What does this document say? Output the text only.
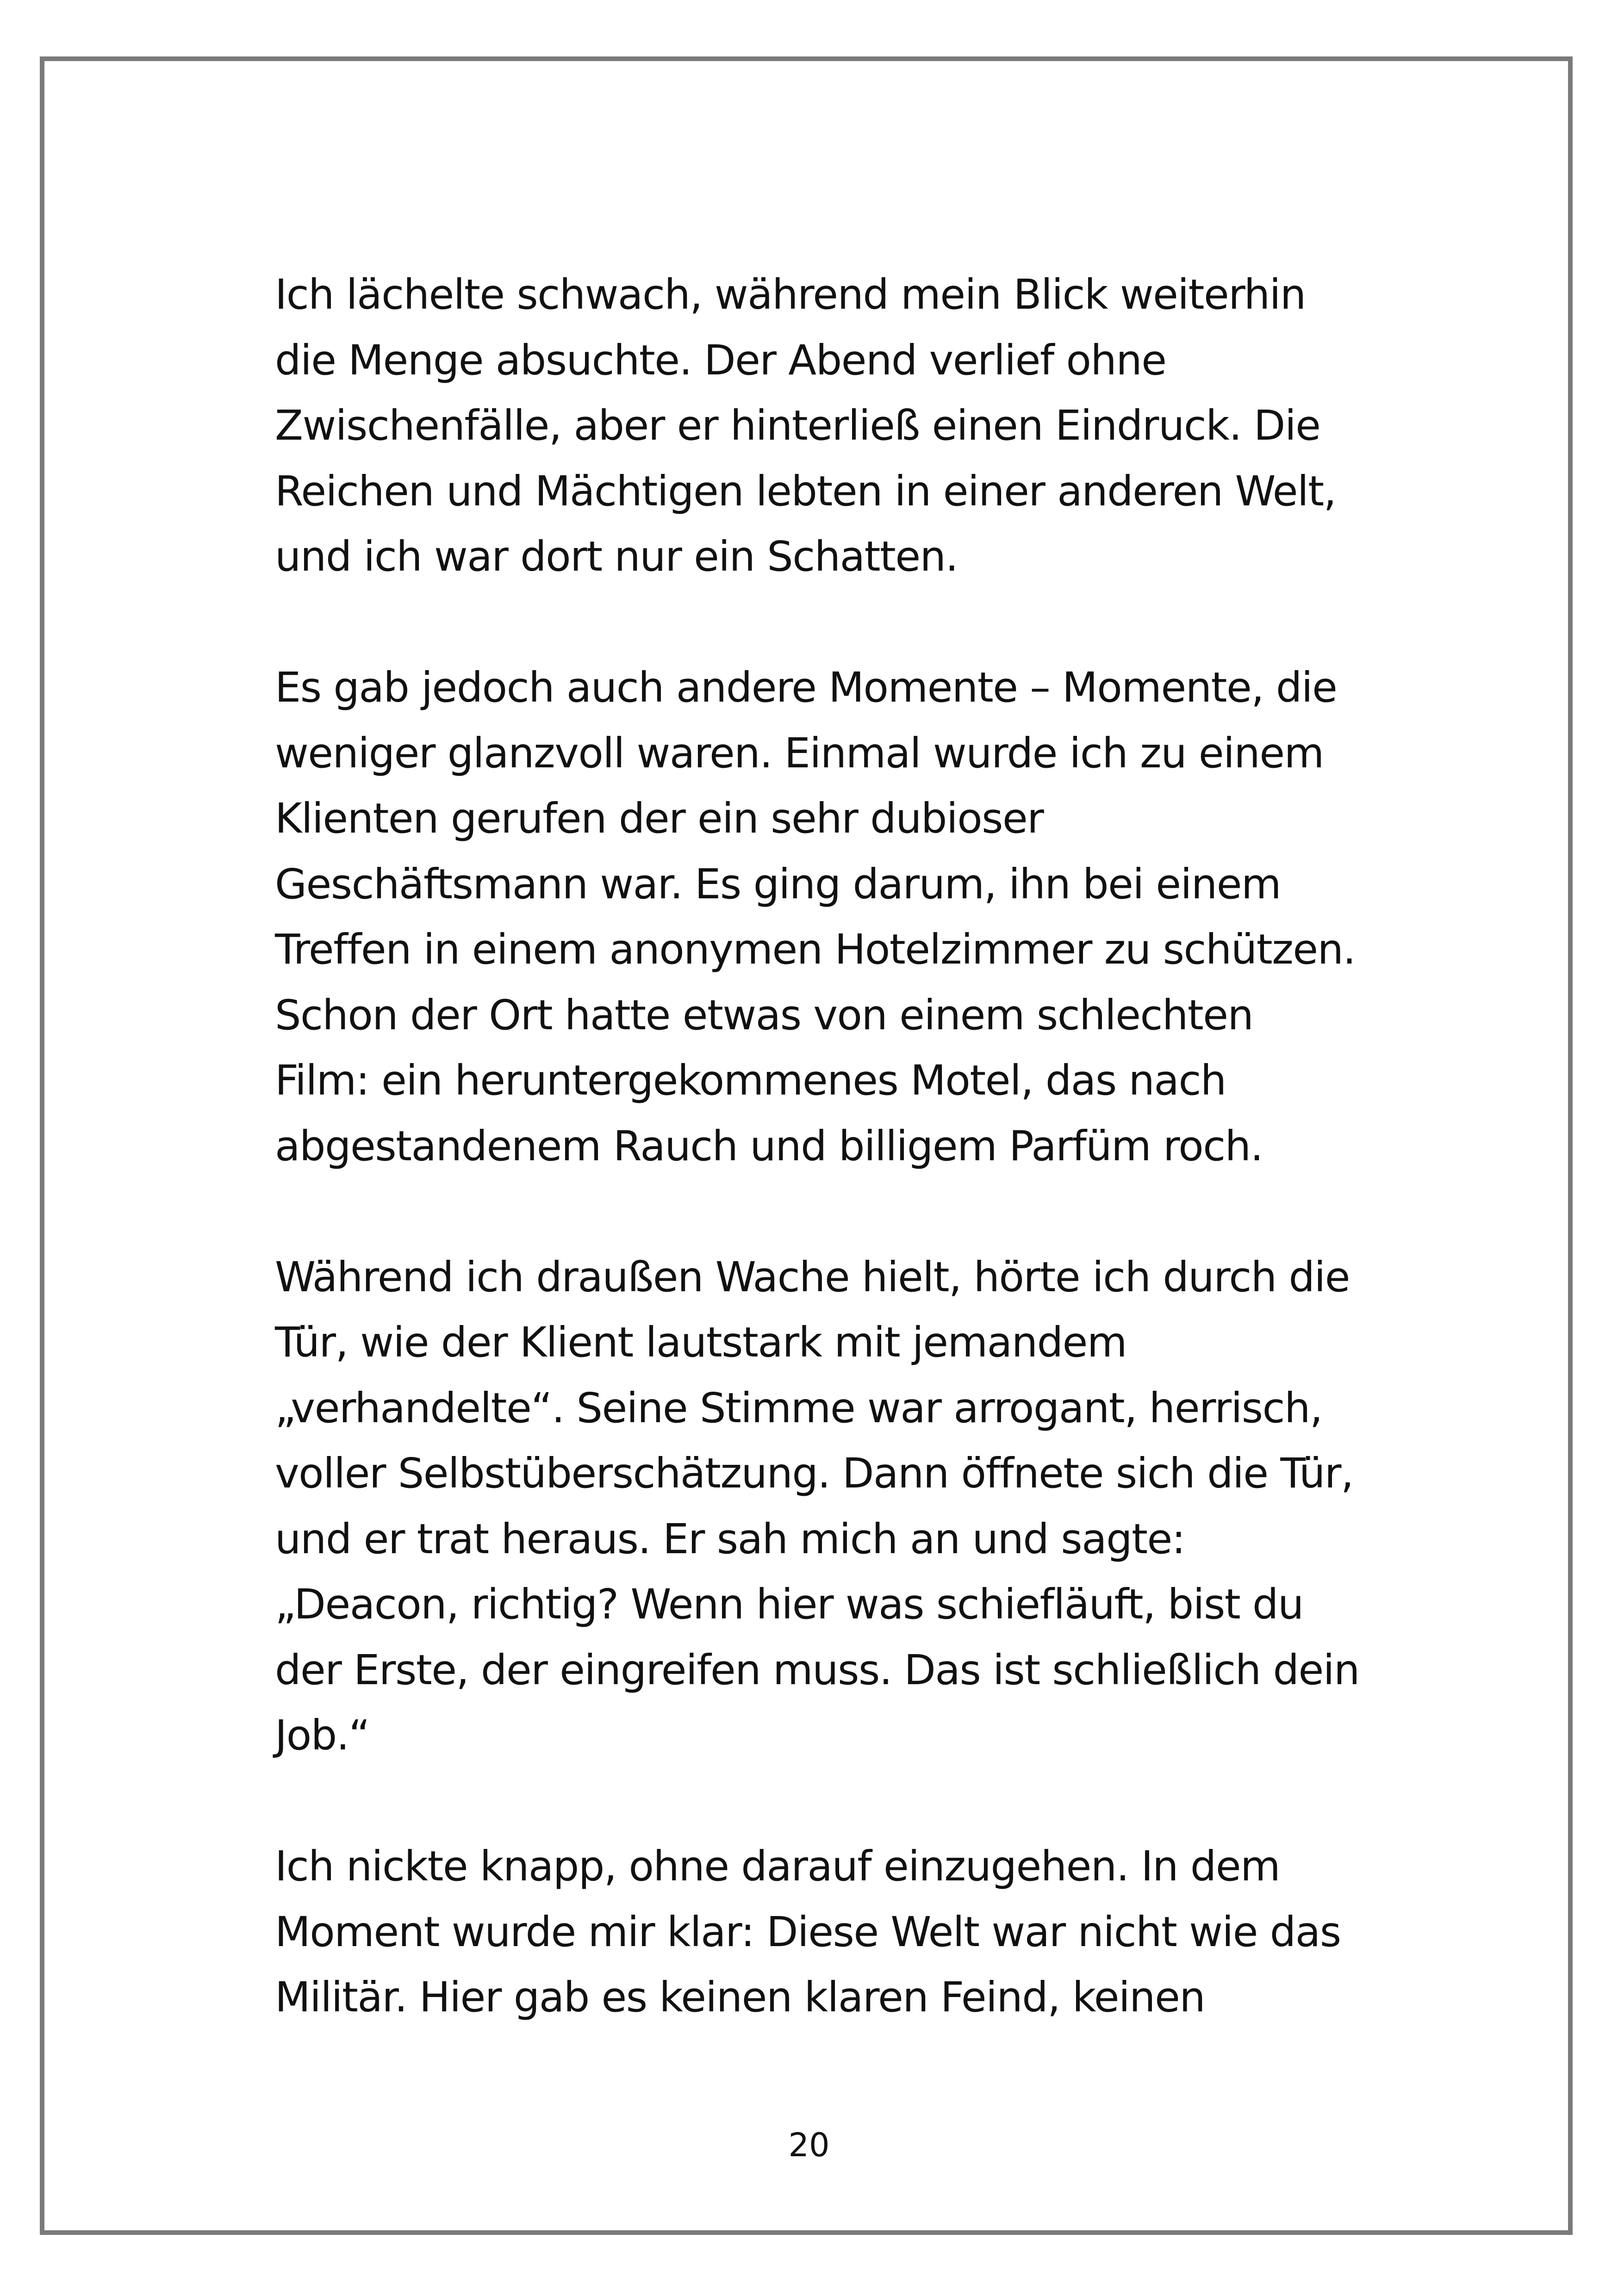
Ich lächelte schwach, während mein Blick weiterhin
die Menge absuchte. Der Abend verlief ohne
Zwischenfälle, aber er hinterließ einen Eindruck. Die
Reichen und Mächtigen lebten in einer anderen Welt,
und ich war dort nur ein Schatten.
Es gab jedoch auch andere Momente – Momente, die
weniger glanzvoll waren. Einmal wurde ich zu einem
Klienten gerufen der ein sehr dubioser
Geschäftsmann war. Es ging darum, ihn bei einem
Treffen in einem anonymen Hotelzimmer zu schützen.
Schon der Ort hatte etwas von einem schlechten
Film: ein heruntergekommenes Motel, das nach
abgestandenem Rauch und billigem Parfüm roch.
Während ich draußen Wache hielt, hörte ich durch die
Tür, wie der Klient lautstark mit jemandem
„verhandelte“. Seine Stimme war arrogant, herrisch,
voller Selbstüberschätzung. Dann öffnete sich die Tür,
und er trat heraus. Er sah mich an und sagte:
„Deacon, richtig? Wenn hier was schiefläuft, bist du
der Erste, der eingreifen muss. Das ist schließlich dein
Job.“
Ich nickte knapp, ohne darauf einzugehen. In dem
Moment wurde mir klar: Diese Welt war nicht wie das
Militär. Hier gab es keinen klaren Feind, keinen
20
